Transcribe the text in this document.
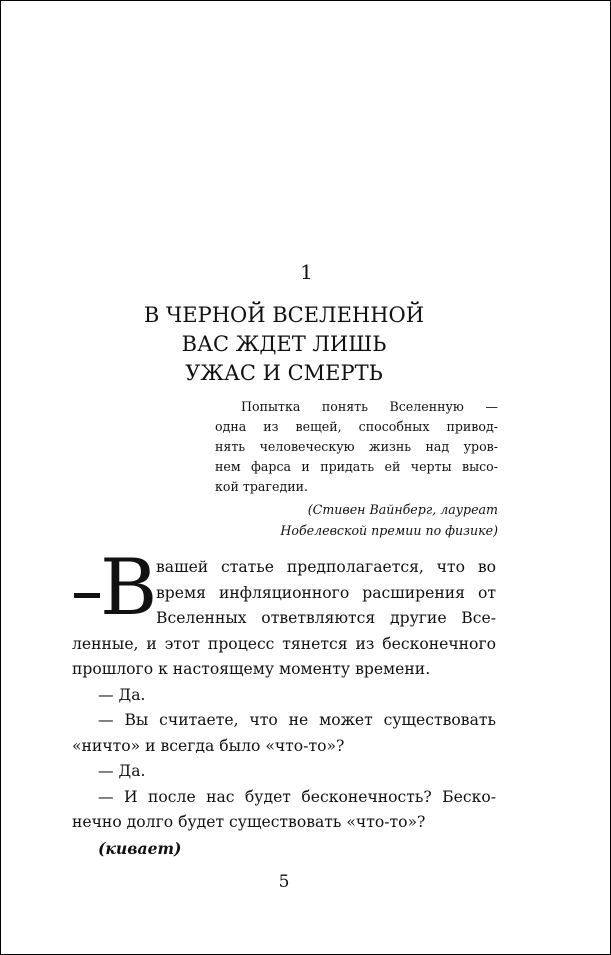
1
В ЧЕРНОЙ ВСЕЛЕННОЙ
ВАС ЖДЕТ ЛИШЬ
УЖАС И СМЕРТЬ
Попытка понять Вселенную —
одна из вещей, способных привод-
нять человеческую жизнь над уров-
нем фарса и придать ей черты высо-
кой трагедии.
(Стивен Вайнберг, лауреат
Нобелевской премии по физике)
В
вашей статье предполагается, что во
время инфляционного расширения от
Вселенных ответвляются другие Все-
ленные, и этот процесс тянется из бесконечного
прошлого к настоящему моменту времени.
— Да.
— Вы считаете, что не может существовать
«ничто» и всегда было «что-то»?
— Да.
— И после нас будет бесконечность? Беско-
нечно долго будет существовать «что-то»?
(кивает)
5
